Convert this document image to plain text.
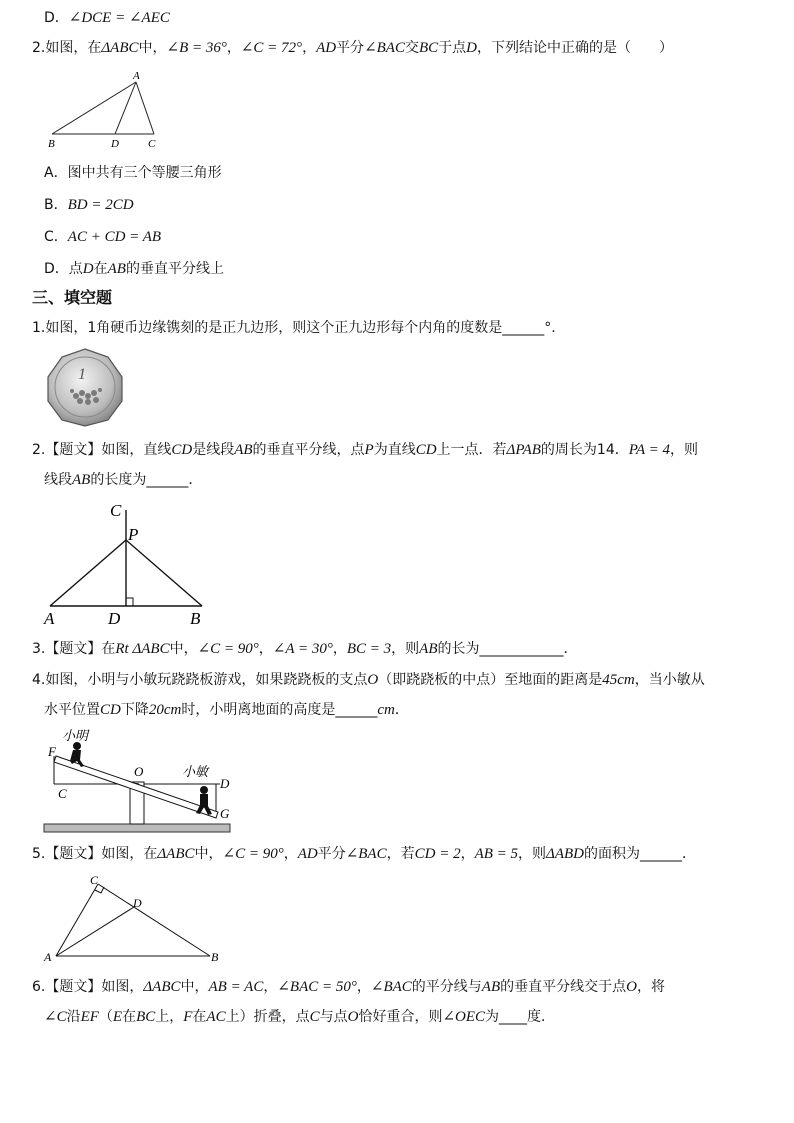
D．∠DCE = ∠AEC
2.如图，在ΔABC中，∠B = 36°，∠C = 72°，AD平分∠BAC交BC于点D，下列结论中正确的是（　　）
A
B	D	C
A．图中共有三个等腰三角形
B．BD = 2CD
C．AC + CD = AB
D．点D在AB的垂直平分线上
三、填空题
1.如图，1角硬币边缘镌刻的是正九边形，则这个正九边形每个内角的度数是______°.
1
2.【题文】如图，直线CD是线段AB的垂直平分线，点P为直线CD上一点．若ΔPAB的周长为14．PA = 4，则
线段AB的长度为______．
C
P
A	D	B
3.【题文】在Rt ΔABC中，∠C = 90°，∠A = 30°，BC = 3，则AB的长为____________．
4.如图，小明与小敏玩跷跷板游戏，如果跷跷板的支点O（即跷跷板的中点）至地面的距离是45cm，当小敏从
水平位置CD下降20cm时，小明离地面的高度是______cm．
小明
小敏
F
C
O
D
G
5.【题文】如图，在ΔABC中，∠C = 90°，AD平分∠BAC，若CD = 2，AB = 5，则ΔABD的面积为______．
C
D
A	B
6.【题文】如图，ΔABC中，AB = AC，∠BAC = 50°，∠BAC的平分线与AB的垂直平分线交于点O，将
∠C沿EF（E在BC上，F在AC上）折叠，点C与点O恰好重合，则∠OEC为____度．
